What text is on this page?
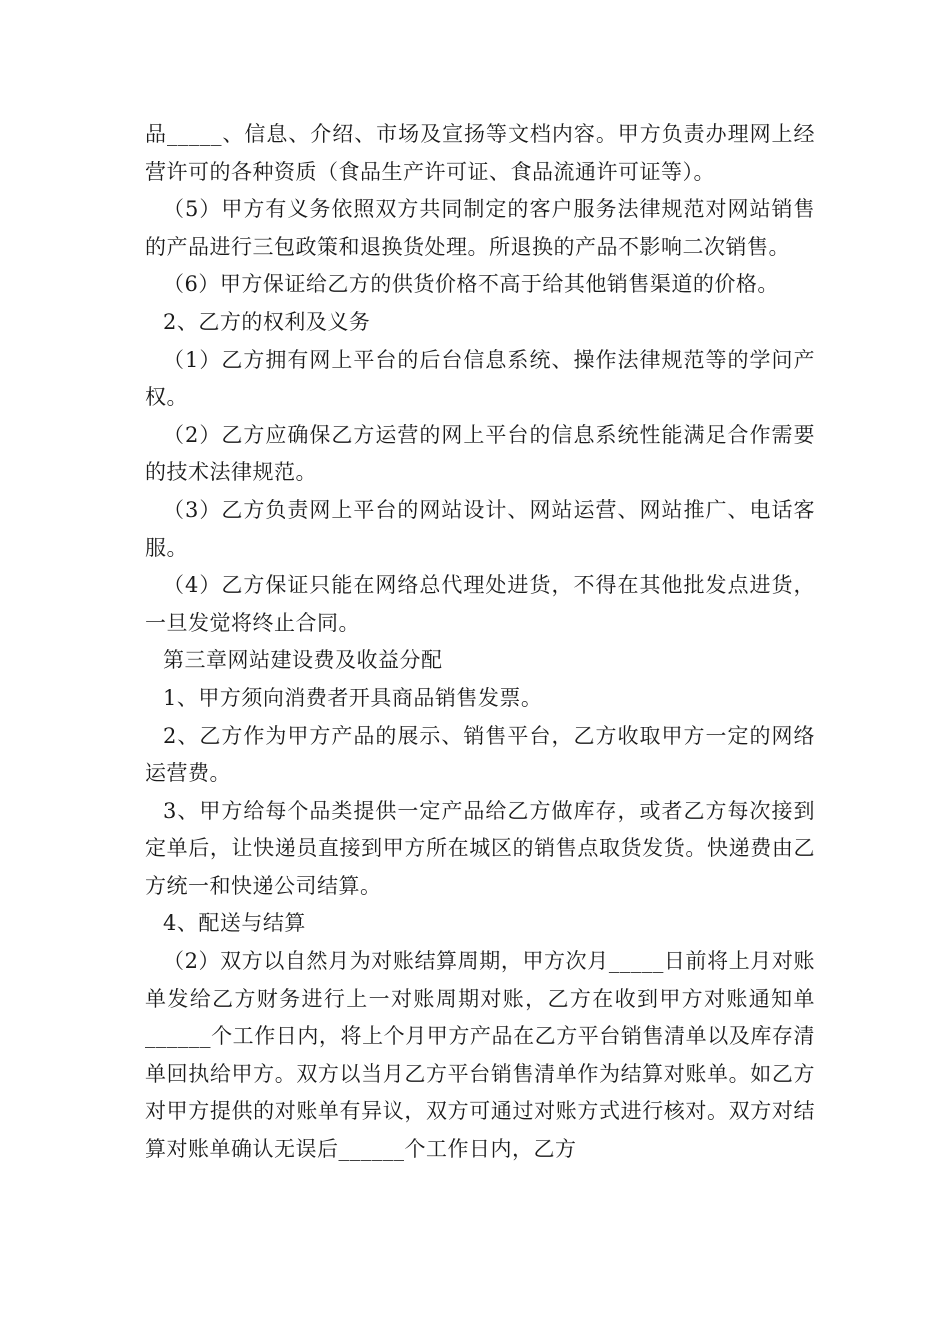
品_____、信息、介绍、市场及宣扬等文档内容。甲方负责办理网上经营许可的各种资质（食品生产许可证、食品流通许可证等）。

（5）甲方有义务依照双方共同制定的客户服务法律规范对网站销售的产品进行三包政策和退换货处理。所退换的产品不影响二次销售。

（6）甲方保证给乙方的供货价格不高于给其他销售渠道的价格。

2、乙方的权利及义务

（1）乙方拥有网上平台的后台信息系统、操作法律规范等的学问产权。

（2）乙方应确保乙方运营的网上平台的信息系统性能满足合作需要的技术法律规范。

（3）乙方负责网上平台的网站设计、网站运营、网站推广、电话客服。

（4）乙方保证只能在网络总代理处进货，不得在其他批发点进货，一旦发觉将终止合同。

第三章网站建设费及收益分配

1、甲方须向消费者开具商品销售发票。

2、乙方作为甲方产品的展示、销售平台，乙方收取甲方一定的网络运营费。

3、甲方给每个品类提供一定产品给乙方做库存，或者乙方每次接到定单后，让快递员直接到甲方所在城区的销售点取货发货。快递费由乙方统一和快递公司结算。

4、配送与结算

（2）双方以自然月为对账结算周期，甲方次月_____日前将上月对账单发给乙方财务进行上一对账周期对账，乙方在收到甲方对账通知单______个工作日内，将上个月甲方产品在乙方平台销售清单以及库存清单回执给甲方。双方以当月乙方平台销售清单作为结算对账单。如乙方对甲方提供的对账单有异议，双方可通过对账方式进行核对。双方对结算对账单确认无误后______个工作日内，乙方
